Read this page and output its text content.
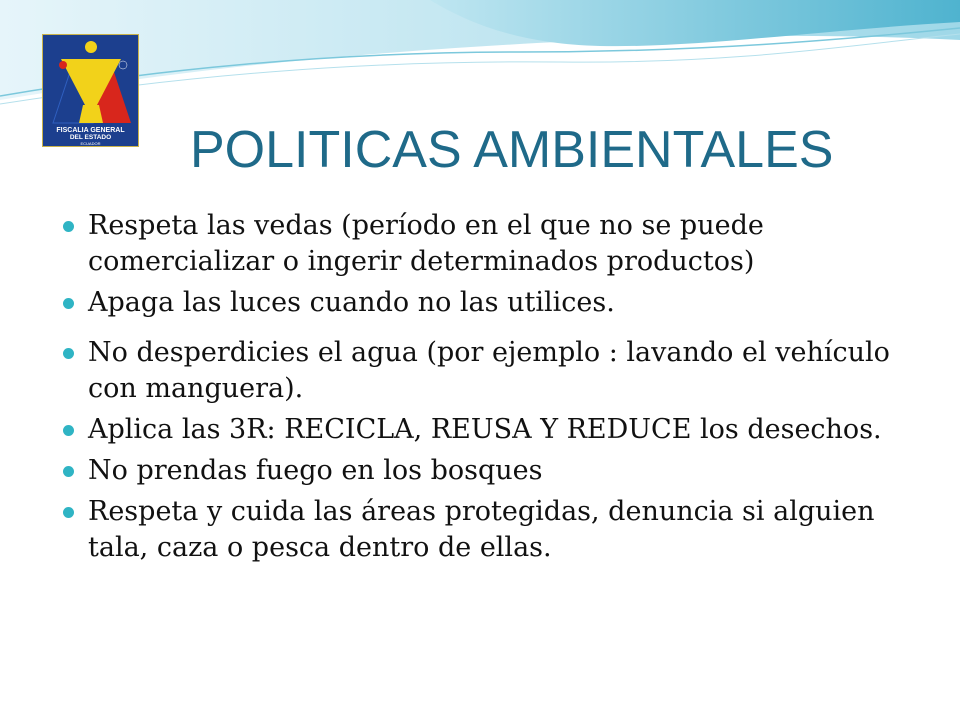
FISCALIA GENERAL
DEL ESTADO
ECUADOR	POLITICAS AMBIENTALES
Respeta las vedas (período en el que no se puede comercializar o ingerir determinados productos)
Apaga las luces cuando no las utilices.
No desperdicies el agua (por ejemplo : lavando el vehículo con manguera).
Aplica las 3R: RECICLA, REUSA Y REDUCE los desechos.
No prendas fuego en los bosques
Respeta y cuida las áreas protegidas, denuncia si alguien tala, caza o pesca dentro de ellas.
